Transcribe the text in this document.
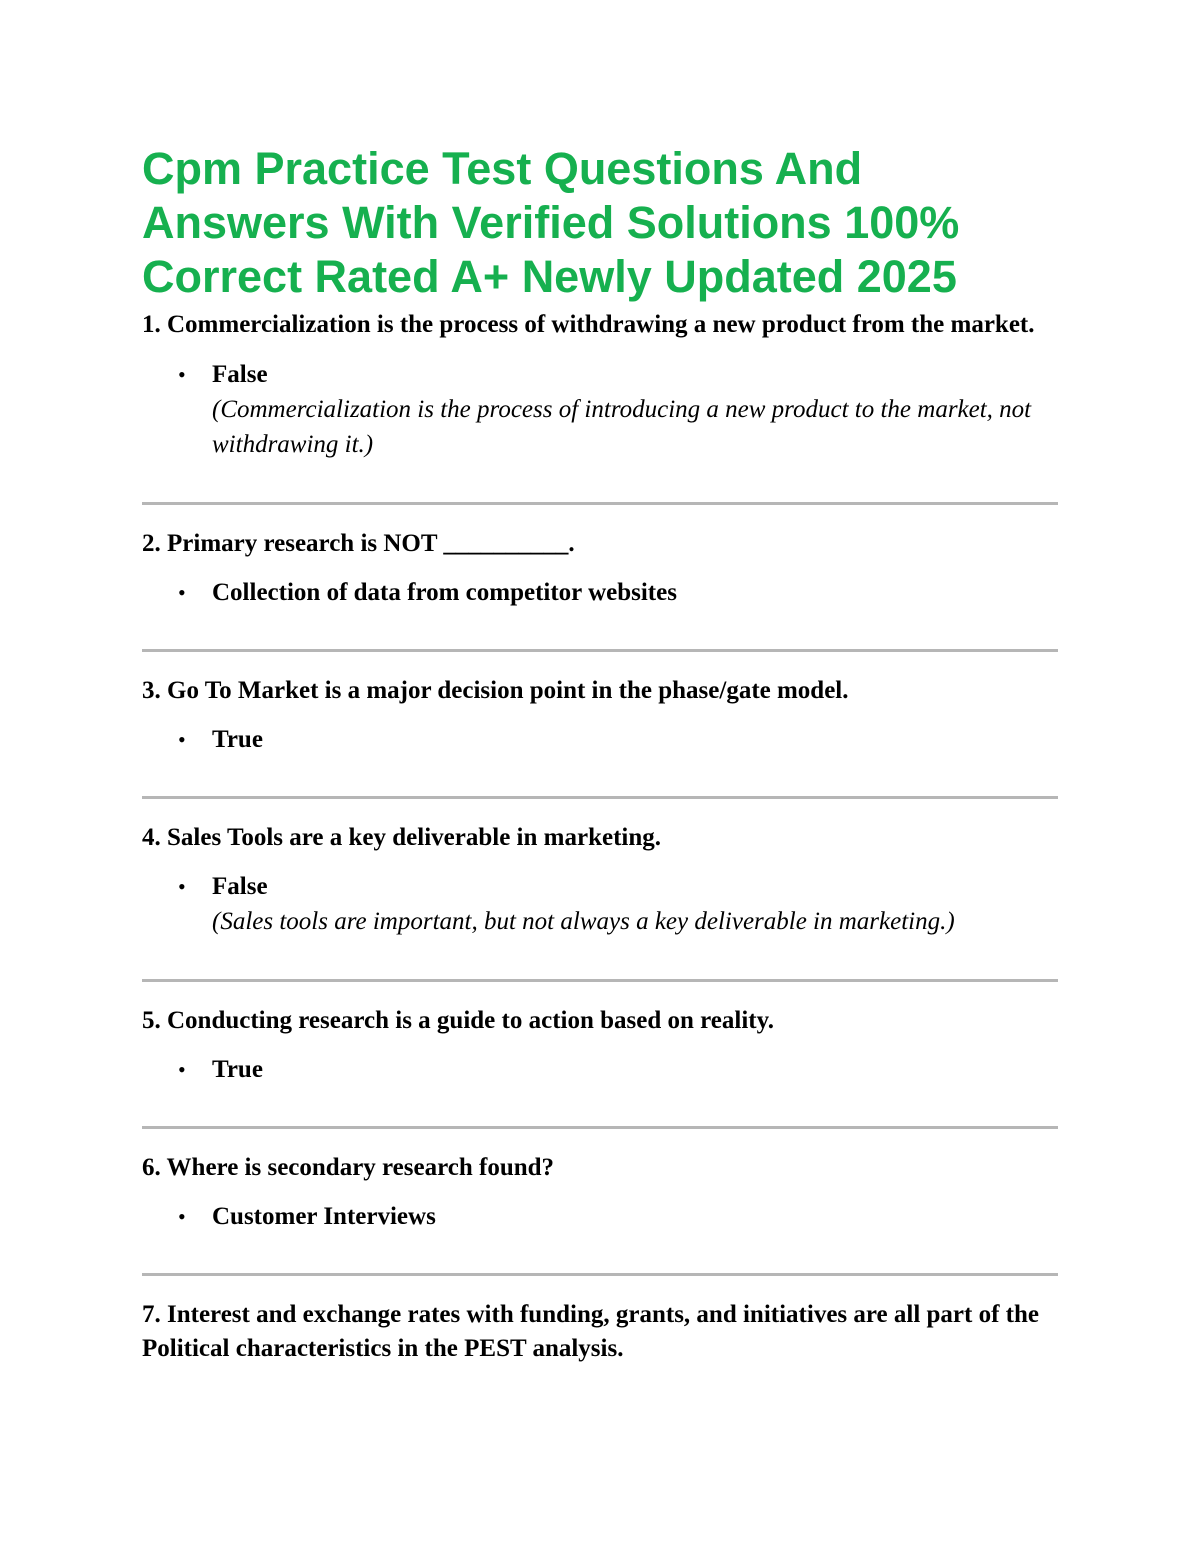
Cpm Practice Test Questions And Answers With Verified Solutions 100% Correct Rated A+ Newly Updated 2025

1. Commercialization is the process of withdrawing a new product from the market.

• False
(Commercialization is the process of introducing a new product to the market, not withdrawing it.)

2. Primary research is NOT __________.

• Collection of data from competitor websites

3. Go To Market is a major decision point in the phase/gate model.

• True

4. Sales Tools are a key deliverable in marketing.

• False
(Sales tools are important, but not always a key deliverable in marketing.)

5. Conducting research is a guide to action based on reality.

• True

6. Where is secondary research found?

• Customer Interviews

7. Interest and exchange rates with funding, grants, and initiatives are all part of the Political characteristics in the PEST analysis.
